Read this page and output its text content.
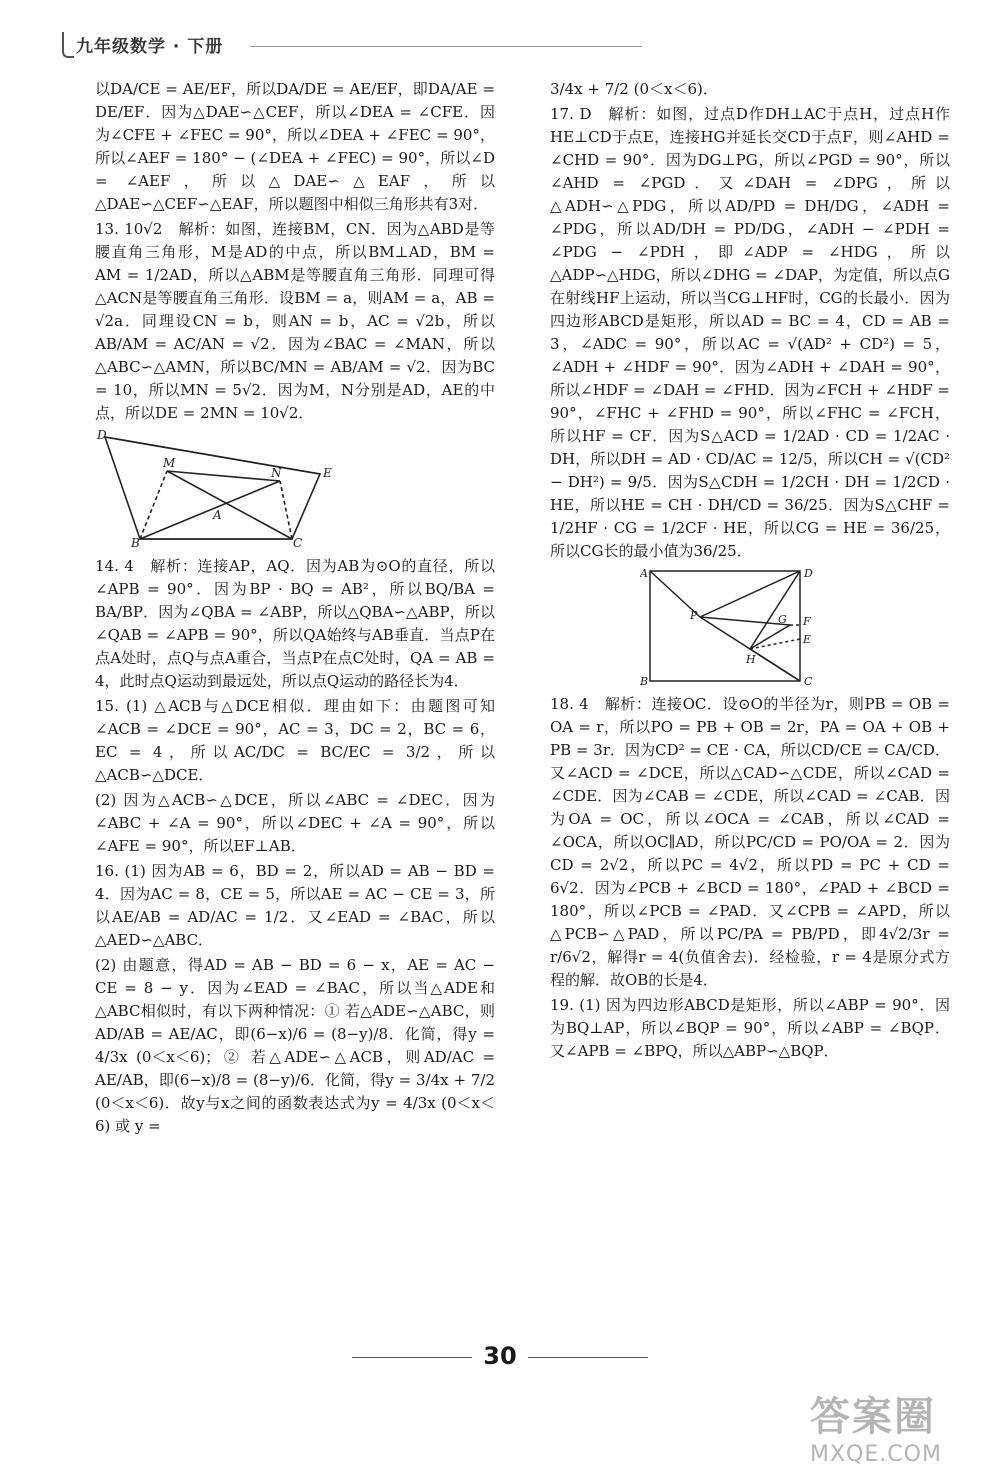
九年级数学 · 下册

以DA/CE = AE/EF，所以DA/DE = AE/EF，即DA/AE = DE/EF．因为△DAE∽△CEF，所以∠DEA = ∠CFE．因为∠CFE + ∠FEC = 90°，所以∠DEA + ∠FEC = 90°，所以∠AEF = 180° − (∠DEA + ∠FEC) = 90°，所以∠D = ∠AEF，所以△DAE∽△EAF，所以△DAE∽△CEF∽△EAF，所以题图中相似三角形共有3对．

13. 10√2　解析：如图，连接BM，CN．因为△ABD是等腰直角三角形，M是AD的中点，所以BM⊥AD，BM = AM = 1/2AD，所以△ABM是等腰直角三角形．同理可得△ACN是等腰直角三角形．设BM = a，则AM = a，AB = √2a．同理设CN = b，则AN = b，AC = √2b，所以AB/AM = AC/AN = √2．因为∠BAC = ∠MAN，所以△ABC∽△AMN，所以BC/MN = AB/AM = √2．因为BC = 10，所以MN = 5√2．因为M，N分别是AD，AE的中点，所以DE = 2MN = 10√2．

D
M
N	E
A
B	C

14. 4　解析：连接AP，AQ．因为AB为⊙O的直径，所以∠APB = 90°．因为BP · BQ = AB²，所以BQ/BA = BA/BP．因为∠QBA = ∠ABP，所以△QBA∽△ABP，所以∠QAB = ∠APB = 90°，所以QA始终与AB垂直．当点P在点A处时，点Q与点A重合，当点P在点C处时，QA = AB = 4，此时点Q运动到最远处，所以点Q运动的路径长为4．

15. (1) △ACB与△DCE相似．理由如下：由题图可知∠ACB = ∠DCE = 90°，AC = 3，DC = 2，BC = 6，EC = 4，所以AC/DC = BC/EC = 3/2，所以△ACB∽△DCE．

(2) 因为△ACB∽△DCE，所以∠ABC = ∠DEC．因为∠ABC + ∠A = 90°，所以∠DEC + ∠A = 90°，所以∠AFE = 90°，所以EF⊥AB．

16. (1) 因为AB = 6，BD = 2，所以AD = AB − BD = 4．因为AC = 8，CE = 5，所以AE = AC − CE = 3，所以AE/AB = AD/AC = 1/2．又∠EAD = ∠BAC，所以△AED∽△ABC．

(2) 由题意，得AD = AB − BD = 6 − x，AE = AC − CE = 8 − y．因为∠EAD = ∠BAC，所以当△ADE和△ABC相似时，有以下两种情况：① 若△ADE∽△ABC，则AD/AB = AE/AC，即(6−x)/6 = (8−y)/8．化简，得y = 4/3x (0＜x＜6)；② 若△ADE∽△ACB，则AD/AC = AE/AB，即(6−x)/8 = (8−y)/6．化简，得y = 3/4x + 7/2 (0＜x＜6)．故y与x之间的函数表达式为y = 4/3x (0＜x＜6) 或 y =

3/4x + 7/2 (0＜x＜6)．

17. D　解析：如图，过点D作DH⊥AC于点H，过点H作HE⊥CD于点E，连接HG并延长交CD于点F，则∠AHD = ∠CHD = 90°．因为DG⊥PG，所以∠PGD = 90°，所以∠AHD = ∠PGD．又∠DAH = ∠DPG，所以△ADH∽△PDG，所以AD/PD = DH/DG，∠ADH = ∠PDG，所以AD/DH = PD/DG，∠ADH − ∠PDH = ∠PDG − ∠PDH，即∠ADP = ∠HDG，所以△ADP∽△HDG，所以∠DHG = ∠DAP，为定值，所以点G在射线HF上运动，所以当CG⊥HF时，CG的长最小．因为四边形ABCD是矩形，所以AD = BC = 4，CD = AB = 3，∠ADC = 90°，所以AC = √(AD² + CD²) = 5，∠ADH + ∠HDF = 90°．因为∠ADH + ∠DAH = 90°，所以∠HDF = ∠DAH = ∠FHD．因为∠FCH + ∠HDF = 90°，∠FHC + ∠FHD = 90°，所以∠FHC = ∠FCH，所以HF = CF．因为S△ACD = 1/2AD · CD = 1/2AC · DH，所以DH = AD · CD/AC = 12/5，所以CH = √(CD² − DH²) = 9/5．因为S△CDH = 1/2CH · DH = 1/2CD · HE，所以HE = CH · DH/CD = 36/25．因为S△CHF = 1/2HF · CG = 1/2CF · HE，所以CG = HE = 36/25，所以CG长的最小值为36/25．

A	D
P	G F
E
H
B	C

18. 4　解析：连接OC．设⊙O的半径为r，则PB = OB = OA = r，所以PO = PB + OB = 2r，PA = OA + OB + PB = 3r．因为CD² = CE · CA，所以CD/CE = CA/CD．又∠ACD = ∠DCE，所以△CAD∽△CDE，所以∠CAD = ∠CDE．因为∠CAB = ∠CDE，所以∠CAD = ∠CAB．因为OA = OC，所以∠OCA = ∠CAB，所以∠CAD = ∠OCA，所以OC∥AD，所以PC/CD = PO/OA = 2．因为CD = 2√2，所以PC = 4√2，所以PD = PC + CD = 6√2．因为∠PCB + ∠BCD = 180°，∠PAD + ∠BCD = 180°，所以∠PCB = ∠PAD．又∠CPB = ∠APD，所以△PCB∽△PAD，所以PC/PA = PB/PD，即4√2/3r = r/6√2，解得r = 4(负值舍去)．经检验，r = 4是原分式方程的解．故OB的长是4．

19. (1) 因为四边形ABCD是矩形，所以∠ABP = 90°．因为BQ⊥AP，所以∠BQP = 90°，所以∠ABP = ∠BQP．又∠APB = ∠BPQ，所以△ABP∽△BQP．

30
答案圈
MXQE.COM
